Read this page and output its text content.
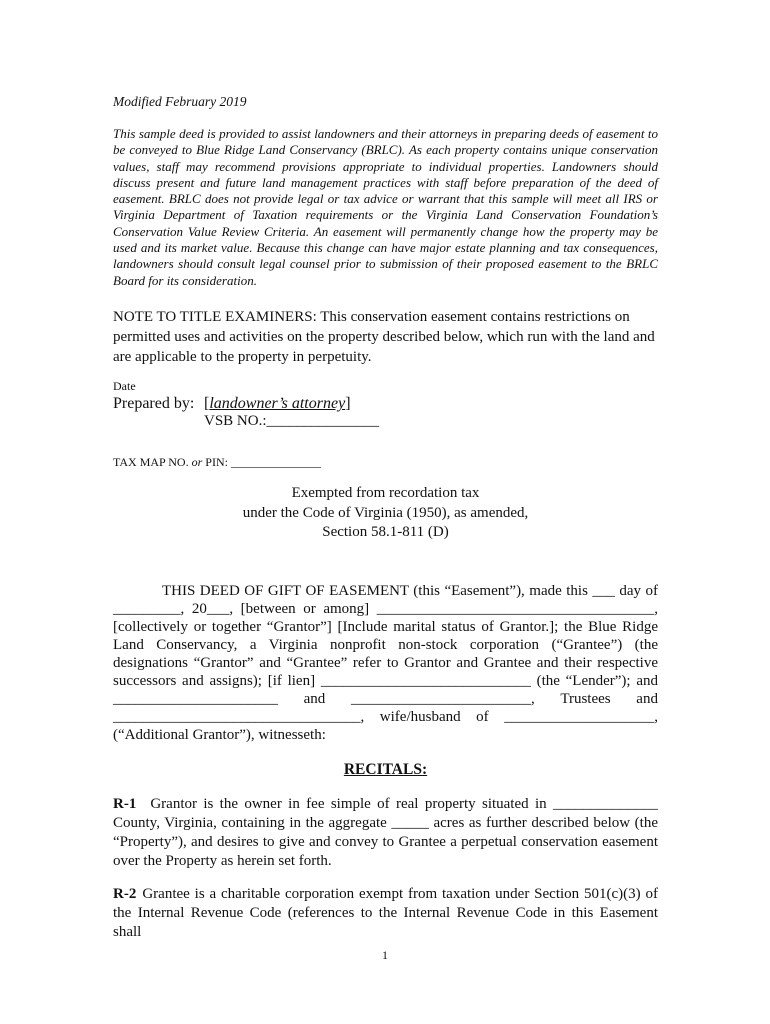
Modified February 2019
This sample deed is provided to assist landowners and their attorneys in preparing deeds of easement to be conveyed to Blue Ridge Land Conservancy (BRLC). As each property contains unique conservation values, staff may recommend provisions appropriate to individual properties. Landowners should discuss present and future land management practices with staff before preparation of the deed of easement. BRLC does not provide legal or tax advice or warrant that this sample will meet all IRS or Virginia Department of Taxation requirements or the Virginia Land Conservation Foundation’s Conservation Value Review Criteria. An easement will permanently change how the property may be used and its market value. Because this change can have major estate planning and tax consequences, landowners should consult legal counsel prior to submission of their proposed easement to the BRLC Board for its consideration.
NOTE TO TITLE EXAMINERS: This conservation easement contains restrictions on permitted uses and activities on the property described below, which run with the land and are applicable to the property in perpetuity.
Date
Prepared by: [landowner’s attorney]
VSB NO.:_______________
TAX MAP NO. or PIN: _______________
Exempted from recordation tax
under the Code of Virginia (1950), as amended,
Section 58.1-811 (D)
THIS DEED OF GIFT OF EASEMENT (this “Easement”), made this ___ day of
_________, 20___, [between or among] _____________________________________,
[collectively or together “Grantor”] [Include marital status of Grantor.]; the Blue Ridge
Land Conservancy, a Virginia nonprofit non-stock corporation (“Grantee”) (the
designations “Grantor” and “Grantee” refer to Grantor and Grantee and their respective
successors and assigns); [if lien] ____________________________ (the “Lender”); and
______________________ and ________________________, Trustees and
_________________________________, wife/husband of ____________________,
(“Additional Grantor”), witnesseth:
RECITALS:
R-1 Grantor is the owner in fee simple of real property situated in ______________ County, Virginia, containing in the aggregate _____ acres as further described below (the “Property”), and desires to give and convey to Grantee a perpetual conservation easement over the Property as herein set forth.
R-2 Grantee is a charitable corporation exempt from taxation under Section 501(c)(3) of the Internal Revenue Code (references to the Internal Revenue Code in this Easement shall
1
